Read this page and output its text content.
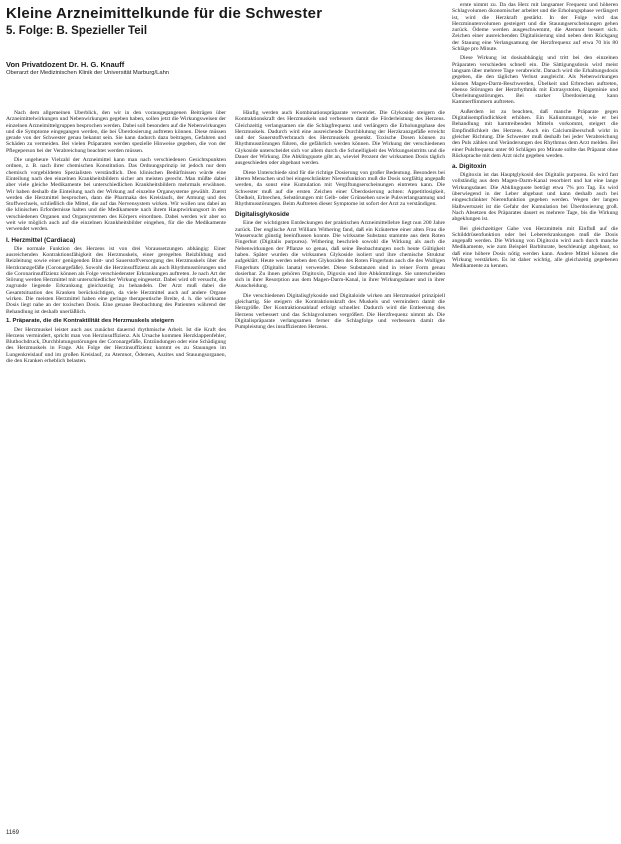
Kleine Arzneimittelkunde für die Schwester
5. Folge: B. Spezieller Teil
Von Privatdozent Dr. H. G. Knauff
Oberarzt der Medizinischen Klinik der Universität Marburg/Lahn

Nach dem allgemeinen Überblick, den wir in den vorausgegangenen Beiträgen über Arzneimittelwirkungen und Nebenwirkungen gegeben haben, sollen jetzt die Wirkungsweisen der einzelnen Arzneimittelgruppen besprochen werden. Dabei soll besonders auf die Nebenwirkungen und die Symptome eingegangen werden, die bei Überdosierung auftreten können. Diese müssen gerade von der Schwester genau bekannt sein. Sie kann dadurch dazu beitragen, Gefahren und Schäden zu vermeiden. Bei vielen Präparaten werden spezielle Hinweise gegeben, die von der Pflegeperson bei der Verabreichung beachtet werden müssen.

Die ungeheure Vielzahl der Arzneimittel kann man nach verschiedenen Gesichtspunkten ordnen, z. B. nach ihrer chemischen Konstitution. Das Ordnungsprinzip ist jedoch nur dem chemisch vorgebildeten Spezialisten verständlich. Den klinischen Bedürfnissen würde eine Einteilung nach den einzelnen Krankheitsbildern sicher am meisten gerecht. Man müßte dabei aber viele gleiche Medikamente bei unterschiedlichen Krankheitsbildern mehrmals erwähnen. Wir haben deshalb die Einteilung nach der Wirkung auf einzelne Organsysteme gewählt. Zuerst werden die Herzmittel besprochen, dann die Pharmaka des Kreislaufs, der Atmung und des Stoffwechsels, schließlich die Mittel, die auf das Nervensystem wirken. Wir wollen uns dabei an die klinischen Erfordernisse halten und die Medikamente nach ihrem Hauptwirkungsort in den verschiedenen Organen und Organsystemen des Körpers einordnen. Dabei werden wir aber so weit wie möglich auch auf die einzelnen Krankheitsbilder eingehen, für die die Medikamente verwendet werden.

I. Herzmittel (Cardiaca)

Die normale Funktion des Herzens ist von drei Voraussetzungen abhängig: Einer ausreichenden Kontraktionsfähigkeit des Herzmuskels, einer geregelten Reizbildung und Reizleitung sowie einer genügenden Blut- und Sauerstoffversorgung des Herzmuskels über die Herzkranzgefäße (Coronargefäße). Sowohl die Herzinsuffizienz als auch Rhythmusstörungen und die Coronarinsuffizienz können als Folge verschiedenster Erkrankungen auftreten. Je nach Art der Störung werden Herzmittel mit unterschiedlicher Wirkung eingesetzt. Dabei wird oft versucht, die zugrunde liegende Erkrankung gleichzeitig zu behandeln. Der Arzt muß dabei die Gesamtsituation des Kranken berücksichtigen, da viele Herzmittel auch auf andere Organe wirken. Die meisten Herzmittel haben eine geringe therapeutische Breite, d. h. die wirksame Dosis liegt nahe an der toxischen Dosis. Eine genaue Beobachtung des Patienten während der Behandlung ist deshalb unerläßlich.

1. Präparate, die die Kontraktilität des Herzmuskels steigern

Der Herzmuskel leistet auch aus zunächst dauernd rhythmische Arbeit. Ist die Kraft des Herzens vermindert, spricht man von Herzinsuffizienz. Als Ursache kommen Herzklappenfehler, Bluthochdruck, Durchblutungsstörungen der Coronargefäße, Entzündungen oder eine Schädigung des Herzmuskels in Frage. Als Folge der Herzinsuffizienz kommt es zu Stauungen im Lungenkreislauf und im großen Kreislauf, zu Atemnot, Ödemen, Aszites und Stauungsorganen, die den Kranken erheblich belasten.

Häufig werden auch Kombinationspräparate verwendet. Die Glykoside steigern die Kontraktionskraft des Herzmuskels und verbessern damit die Förderleistung des Herzens. Gleichzeitig verlangsamen sie die Schlagfrequenz und verlängern die Erholungsphase des Herzmuskels. Dadurch wird eine ausreichende Durchblutung der Herzkranzgefäße erreicht und der Sauerstoffverbrauch des Herzmuskels gesenkt. Toxische Dosen können zu Rhythmusstörungen führen, die gefährlich werden können. Die Wirkung der verschiedenen Glykoside unterscheidet sich vor allem durch die Schnelligkeit des Wirkungseintritts und die Dauer der Wirkung. Die Abklingquote gibt an, wieviel Prozent der wirksamen Dosis täglich ausgeschieden oder abgebaut werden.

Diese Unterschiede sind für die richtige Dosierung von großer Bedeutung. Besonders bei älteren Menschen und bei eingeschränkter Nierenfunktion muß die Dosis sorgfältig angepaßt werden, da sonst eine Kumulation mit Vergiftungserscheinungen eintreten kann. Die Schwester muß auf die ersten Zeichen einer Überdosierung achten: Appetitlosigkeit, Übelkeit, Erbrechen, Sehstörungen mit Gelb- oder Grünsehen sowie Pulsverlangsamung und Rhythmusstörungen. Beim Auftreten dieser Symptome ist sofort der Arzt zu verständigen.

Digitalisglykoside

Eine der wichtigsten Entdeckungen der praktischen Arzneimittellehre liegt nun 200 Jahre zurück. Der englische Arzt William Withering fand, daß ein Kräutertee einer alten Frau die Wassersucht günstig beeinflussen konnte. Die wirksame Substanz stammte aus dem Roten Fingerhut (Digitalis purpurea). Withering beschrieb sowohl die Wirkung als auch die Nebenwirkungen der Pflanze so genau, daß seine Beobachtungen noch heute Gültigkeit haben. Später wurden die wirksamen Glykoside isoliert und ihre chemische Struktur aufgeklärt. Heute werden neben den Glykosiden des Roten Fingerhuts auch die des Wolligen Fingerhuts (Digitalis lanata) verwendet. Diese Substanzen sind in reiner Form genau dosierbar. Zu ihnen gehören Digitoxin, Digoxin und ihre Abkömmlinge. Sie unterscheiden sich in ihrer Resorption aus dem Magen-Darm-Kanal, in ihrer Wirkungsdauer und in ihrer Ausscheidung.

Die verschiedenen Digitalisglykoside und Digitaloide wirken am Herzmuskel prinzipiell gleichartig. Sie steigern die Kontraktionskraft des Muskels und vermindern damit die Herzgröße. Der Kontraktionsablauf erfolgt schneller. Dadurch wird die Entleerung des Herzens verbessert und das Schlagvolumen vergrößert. Die Herzfrequenz nimmt ab. Die Digitalispräparate verlangsamen ferner die Schlagfolge und verbessern damit die Pumpleistung des insuffizienten Herzens.

ernte nimmt zu. Da das Herz mit langsamer Frequenz und höheren Schlagvolumen ökonomischer arbeitet und die Erholungsphase verlängert ist, wird die Herzkraft gestärkt. In der Folge wird das Herzminutenvolumen gesteigert und die Stauungserscheinungen gehen zurück. Ödeme werden ausgeschwemmt, die Atemnot bessert sich. Zeichen einer ausreichenden Digitalisierung sind neben dem Rückgang der Stauung eine Verlangsamung der Herzfrequenz auf etwa 70 bis 80 Schläge pro Minute.

Diese Wirkung ist dosisabhängig und tritt bei den einzelnen Präparaten verschieden schnell ein. Die Sättigungsdosis wird meist langsam über mehrere Tage verabreicht. Danach wird die Erhaltungsdosis gegeben, die den täglichen Verlust ausgleicht. Als Nebenwirkungen können Magen-Darm-Beschwerden, Übelkeit und Erbrechen auftreten, ebenso Störungen der Herzrhythmik mit Extrasystolen, Bigeminie und Überleitungsstörungen. Bei starker Überdosierung kann Kammerflimmern auftreten.

Außerdem ist zu beachten, daß manche Präparate gegen Digitalisempfindlichkeit erhöhen. Ein Kaliummangel, wie er bei Behandlung mit harntreibenden Mitteln vorkommt, steigert die Empfindlichkeit des Herzens. Auch ein Calciumüberschuß wirkt in gleicher Richtung. Die Schwester muß deshalb bei jeder Verabreichung den Puls zählen und Veränderungen des Rhythmus dem Arzt melden. Bei einer Pulsfrequenz unter 60 Schlägen pro Minute sollte das Präparat ohne Rücksprache mit dem Arzt nicht gegeben werden.

a. Digitoxin

Digitoxin ist das Hauptglykosid des Digitalis purpurea. Es wird fast vollständig aus dem Magen-Darm-Kanal resorbiert und hat eine lange Wirkungsdauer. Die Abklingquote beträgt etwa 7% pro Tag. Es wird überwiegend in der Leber abgebaut und kann deshalb auch bei eingeschränkter Nierenfunktion gegeben werden. Wegen der langen Halbwertszeit ist die Gefahr der Kumulation bei Überdosierung groß. Nach Absetzen des Präparates dauert es mehrere Tage, bis die Wirkung abgeklungen ist.

Bei gleichzeitiger Gabe von Herzmitteln mit Einfluß auf die Schilddrüsenfunktion oder bei Lebererkrankungen muß die Dosis angepaßt werden. Die Wirkung von Digitoxin wird auch durch manche Medikamente, wie zum Beispiel Barbiturate, beschleunigt abgebaut, so daß eine höhere Dosis nötig werden kann. Andere Mittel können die Wirkung verstärken. Es ist daher wichtig, alle gleichzeitig gegebenen Medikamente zu kennen.

1169
